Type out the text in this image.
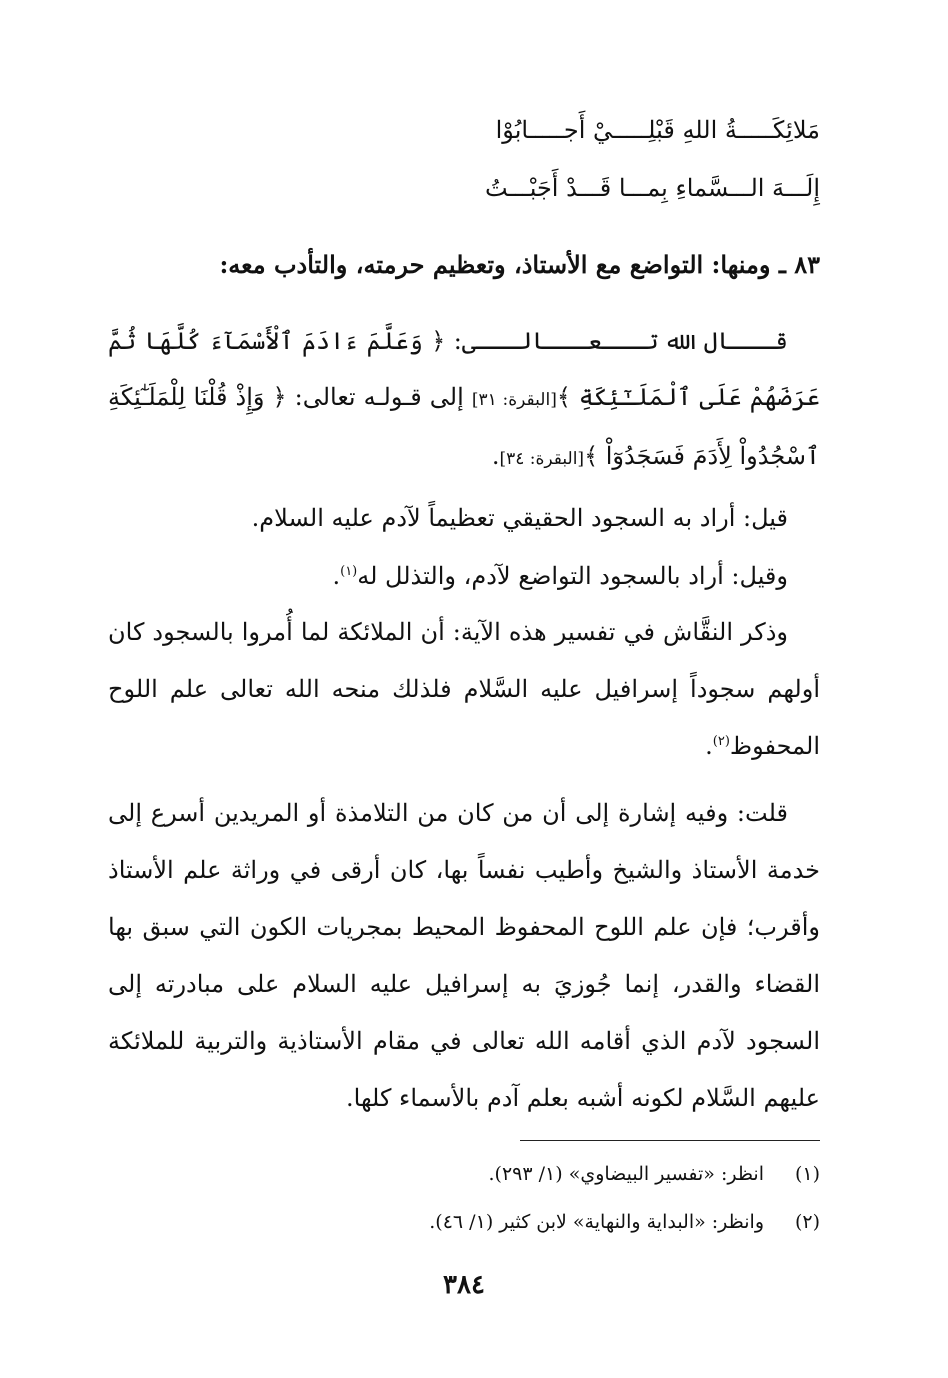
مَلائِكَـــــةُ اللهِ قَبْلِـــــيْ أَجـــــابُوْا
إِلَـــهَ الـــسَّماءِ بِمـــا قَـــدْ أَجَبْـــتُ
٨٣ ـ ومنها: التواضع مع الأستاذ، وتعظيم حرمته، والتأدب معه:
قـــال الله تـــعـــالـــى: ﴿ وَعَلَّمَ ءَادَمَ ٱلْأَسْمَآءَ كُلَّهَا ثُمَّ عَرَضَهُمْ عَلَى ٱلْمَلَـٰٓئِكَةِ ﴾[البقرة: ٣١] إلى قـولـه تعالى: ﴿ وَإِذْ قُلْنَا لِلْمَلَـٰٓئِكَةِ ٱسْجُدُواْ لِأَدَمَ فَسَجَدُوٓاْ ﴾[البقرة: ٣٤].
قيل: أراد به السجود الحقيقي تعظيماً لآدم عليه السلام.
وقيل: أراد بالسجود التواضع لآدم، والتذلل له$^{(١)}$.
وذكر النقَّاش في تفسير هذه الآية: أن الملائكة لما أُمروا بالسجود كان أولهم سجوداً إسرافيل عليه السَّلام فلذلك منحه الله تعالى علم اللوح المحفوظ$^{(٢)}$.
قلت: وفيه إشارة إلى أن من كان من التلامذة أو المريدين أسرع إلى خدمة الأستاذ والشيخ وأطيب نفساً بها، كان أرقى في وراثة علم الأستاذ وأقرب؛ فإن علم اللوح المحفوظ المحيط بمجريات الكون التي سبق بها القضاء والقدر، إنما جُوزيَ به إسرافيل عليه السلام على مبادرته إلى السجود لآدم الذي أقامه الله تعالى في مقام الأستاذية والتربية للملائكة عليهم السَّلام لكونه أشبه بعلم آدم بالأسماء كلها.
(١)انظر: «تفسير البيضاوي» (١/ ٢٩٣).
(٢)وانظر: «البداية والنهاية» لابن كثير (١/ ٤٦).
٣٨٤
